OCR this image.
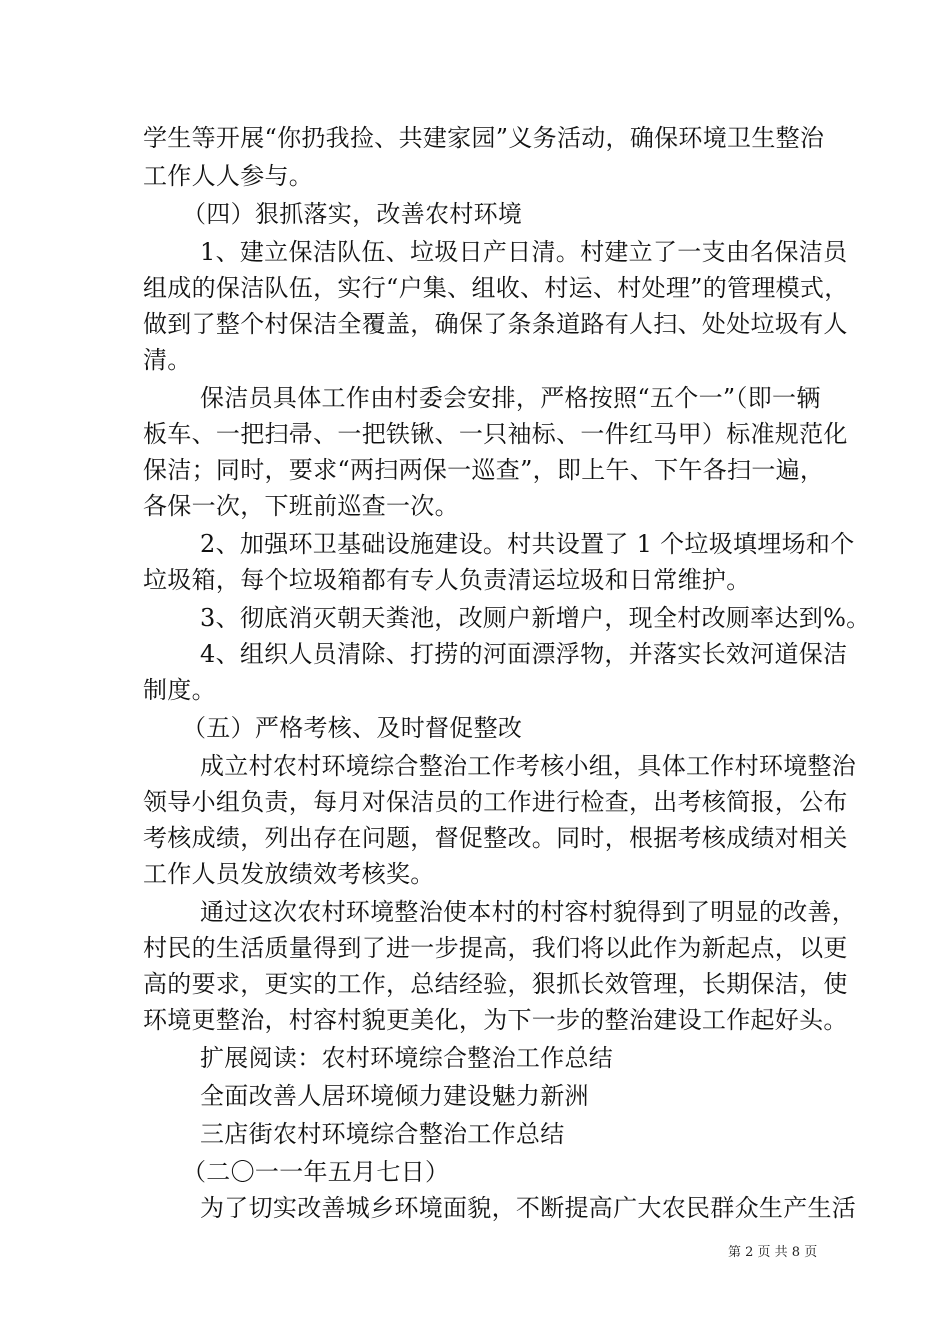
学生等开展“你扔我捡、共建家园”义务活动，确保环境卫生整治
工作人人参与。
（四）狠抓落实，改善农村环境
1、建立保洁队伍、垃圾日产日清。村建立了一支由名保洁员
组成的保洁队伍，实行“户集、组收、村运、村处理”的管理模式，
做到了整个村保洁全覆盖，确保了条条道路有人扫、处处垃圾有人
清。
保洁员具体工作由村委会安排，严格按照“五个一”（即一辆
板车、一把扫帚、一把铁锹、一只袖标、一件红马甲）标准规范化
保洁；同时，要求“两扫两保一巡查”，即上午、下午各扫一遍，
各保一次，下班前巡查一次。
2、加强环卫基础设施建设。村共设置了 1 个垃圾填埋场和个
垃圾箱，每个垃圾箱都有专人负责清运垃圾和日常维护。
3、彻底消灭朝天粪池，改厕户新增户，现全村改厕率达到%。
4、组织人员清除、打捞的河面漂浮物，并落实长效河道保洁
制度。
（五）严格考核、及时督促整改
成立村农村环境综合整治工作考核小组，具体工作村环境整治
领导小组负责，每月对保洁员的工作进行检查，出考核简报，公布
考核成绩，列出存在问题，督促整改。同时，根据考核成绩对相关
工作人员发放绩效考核奖。
通过这次农村环境整治使本村的村容村貌得到了明显的改善，
村民的生活质量得到了进一步提高，我们将以此作为新起点，以更
高的要求，更实的工作，总结经验，狠抓长效管理，长期保洁，使
环境更整治，村容村貌更美化，为下一步的整治建设工作起好头。
扩展阅读：农村环境综合整治工作总结
全面改善人居环境倾力建设魅力新洲
三店街农村环境综合整治工作总结
（二〇一一年五月七日）
为了切实改善城乡环境面貌，不断提高广大农民群众生产生活
第 2 页 共 8 页
